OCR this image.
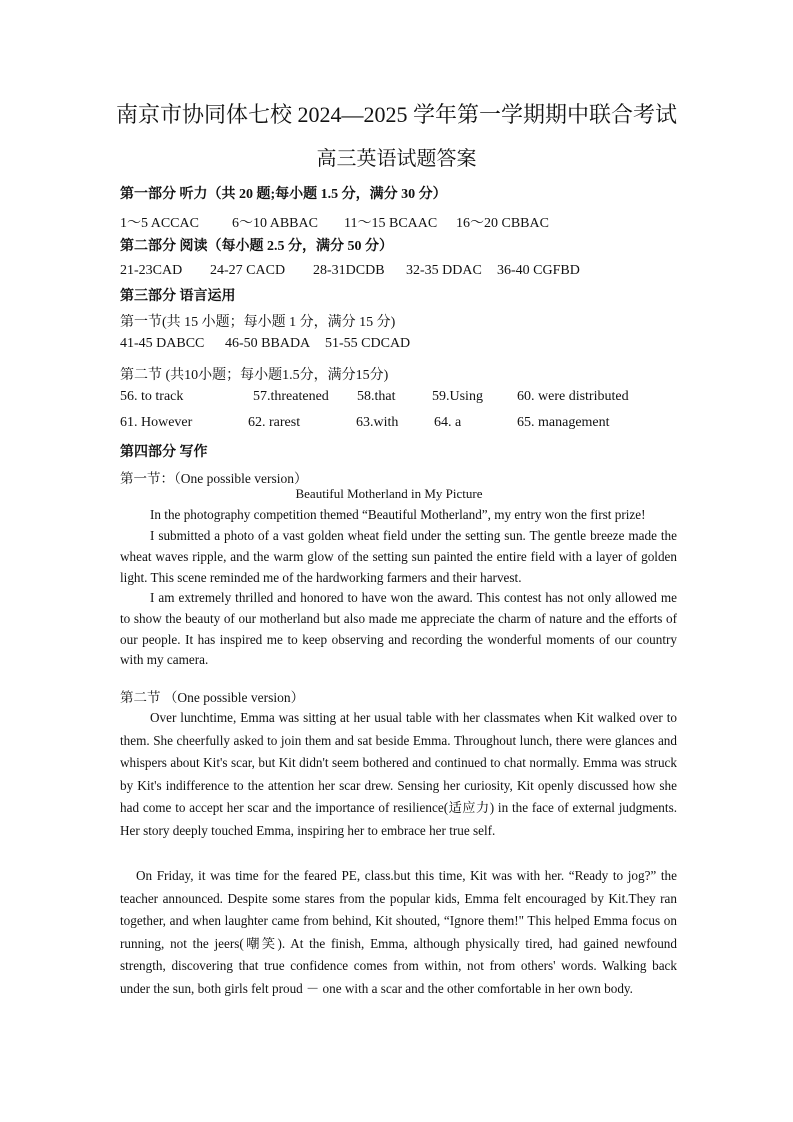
南京市协同体七校 2024—2025 学年第一学期期中联合考试
高三英语试题答案
第一部分 听力（共 20 题;每小题 1.5 分，满分 30 分）
1～5 ACCAC 6～10 ABBAC 11～15 BCAAC 16～20 CBBAC
第二部分 阅读（每小题 2.5 分，满分 50 分）
21-23CAD 24-27 CACD 28-31DCDB 32-35 DDAC 36-40 CGFBD
第三部分 语言运用
第一节(共 15 小题；每小题 1 分，满分 15 分)
41-45 DABCC 46-50 BBADA 51-55 CDCAD
第二节 (共10小题；每小题1.5分，满分15分)
56. to track	57.threatened 58.that	59.Using 60. were distributed
61. However	62. rarest	63.with	64. a	65. management
第四部分 写作
第一节：（One possible version）
Beautiful Motherland in My Picture
In the photography competition themed “Beautiful Motherland”, my entry won the first prize!
I submitted a photo of a vast golden wheat field under the setting sun. The gentle breeze made the wheat waves ripple, and the warm glow of the setting sun painted the entire field with a layer of golden light. This scene reminded me of the hardworking farmers and their harvest.
I am extremely thrilled and honored to have won the award. This contest has not only allowed me to show the beauty of our motherland but also made me appreciate the charm of nature and the efforts of our people. It has inspired me to keep observing and recording the wonderful moments of our country with my camera.
第二节 （One possible version）
Over lunchtime, Emma was sitting at her usual table with her classmates when Kit walked over to them. She cheerfully asked to join them and sat beside Emma. Throughout lunch, there were glances and whispers about Kit's scar, but Kit didn't seem bothered and continued to chat normally. Emma was struck by Kit's indifference to the attention her scar drew. Sensing her curiosity, Kit openly discussed how she had come to accept her scar and the importance of resilience(适应力) in the face of external judgments. Her story deeply touched Emma, inspiring her to embrace her true self.
On Friday, it was time for the feared PE, class.but this time, Kit was with her. “Ready to jog?” the teacher announced. Despite some stares from the popular kids, Emma felt encouraged by Kit.They ran together, and when laughter came from behind, Kit shouted, “Ignore them!" This helped Emma focus on running, not the jeers(嘲笑). At the finish, Emma, although physically tired, had gained newfound strength, discovering that true confidence comes from within, not from others' words. Walking back under the sun, both girls felt proud － one with a scar and the other comfortable in her own body.
